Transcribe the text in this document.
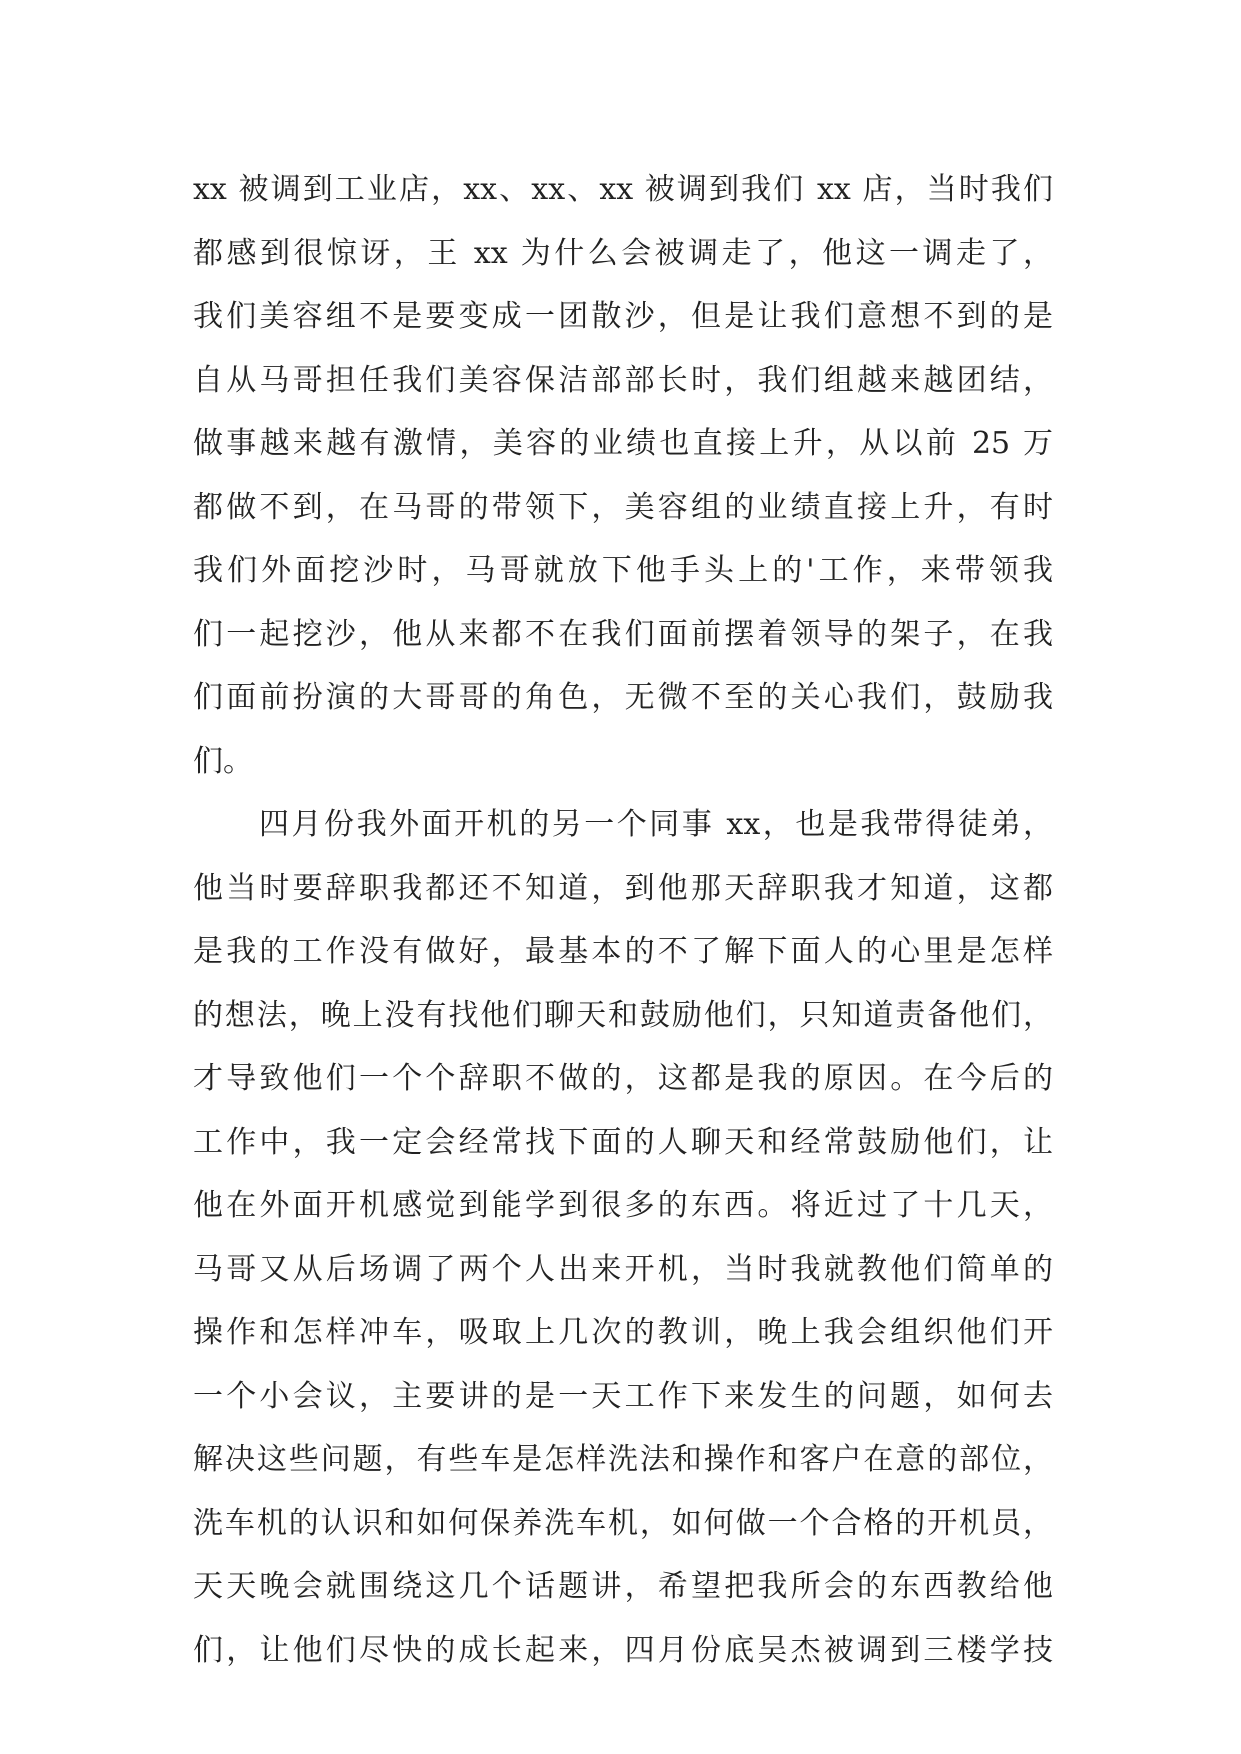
xx 被调到工业店，xx、xx、xx 被调到我们 xx 店，当时我们
都感到很惊讶，王 xx 为什么会被调走了，他这一调走了，
我们美容组不是要变成一团散沙，但是让我们意想不到的是
自从马哥担任我们美容保洁部部长时，我们组越来越团结，
做事越来越有激情，美容的业绩也直接上升，从以前 25 万
都做不到，在马哥的带领下，美容组的业绩直接上升，有时
我们外面挖沙时，马哥就放下他手头上的'工作，来带领我
们一起挖沙，他从来都不在我们面前摆着领导的架子，在我
们面前扮演的大哥哥的角色，无微不至的关心我们，鼓励我
们。
四月份我外面开机的另一个同事 xx，也是我带得徒弟，
他当时要辞职我都还不知道，到他那天辞职我才知道，这都
是我的工作没有做好，最基本的不了解下面人的心里是怎样
的想法，晚上没有找他们聊天和鼓励他们，只知道责备他们，
才导致他们一个个辞职不做的，这都是我的原因。在今后的
工作中，我一定会经常找下面的人聊天和经常鼓励他们，让
他在外面开机感觉到能学到很多的东西。将近过了十几天，
马哥又从后场调了两个人出来开机，当时我就教他们简单的
操作和怎样冲车，吸取上几次的教训，晚上我会组织他们开
一个小会议，主要讲的是一天工作下来发生的问题，如何去
解决这些问题，有些车是怎样洗法和操作和客户在意的部位，
洗车机的认识和如何保养洗车机，如何做一个合格的开机员，
天天晚会就围绕这几个话题讲，希望把我所会的东西教给他
们，让他们尽快的成长起来，四月份底吴杰被调到三楼学技
